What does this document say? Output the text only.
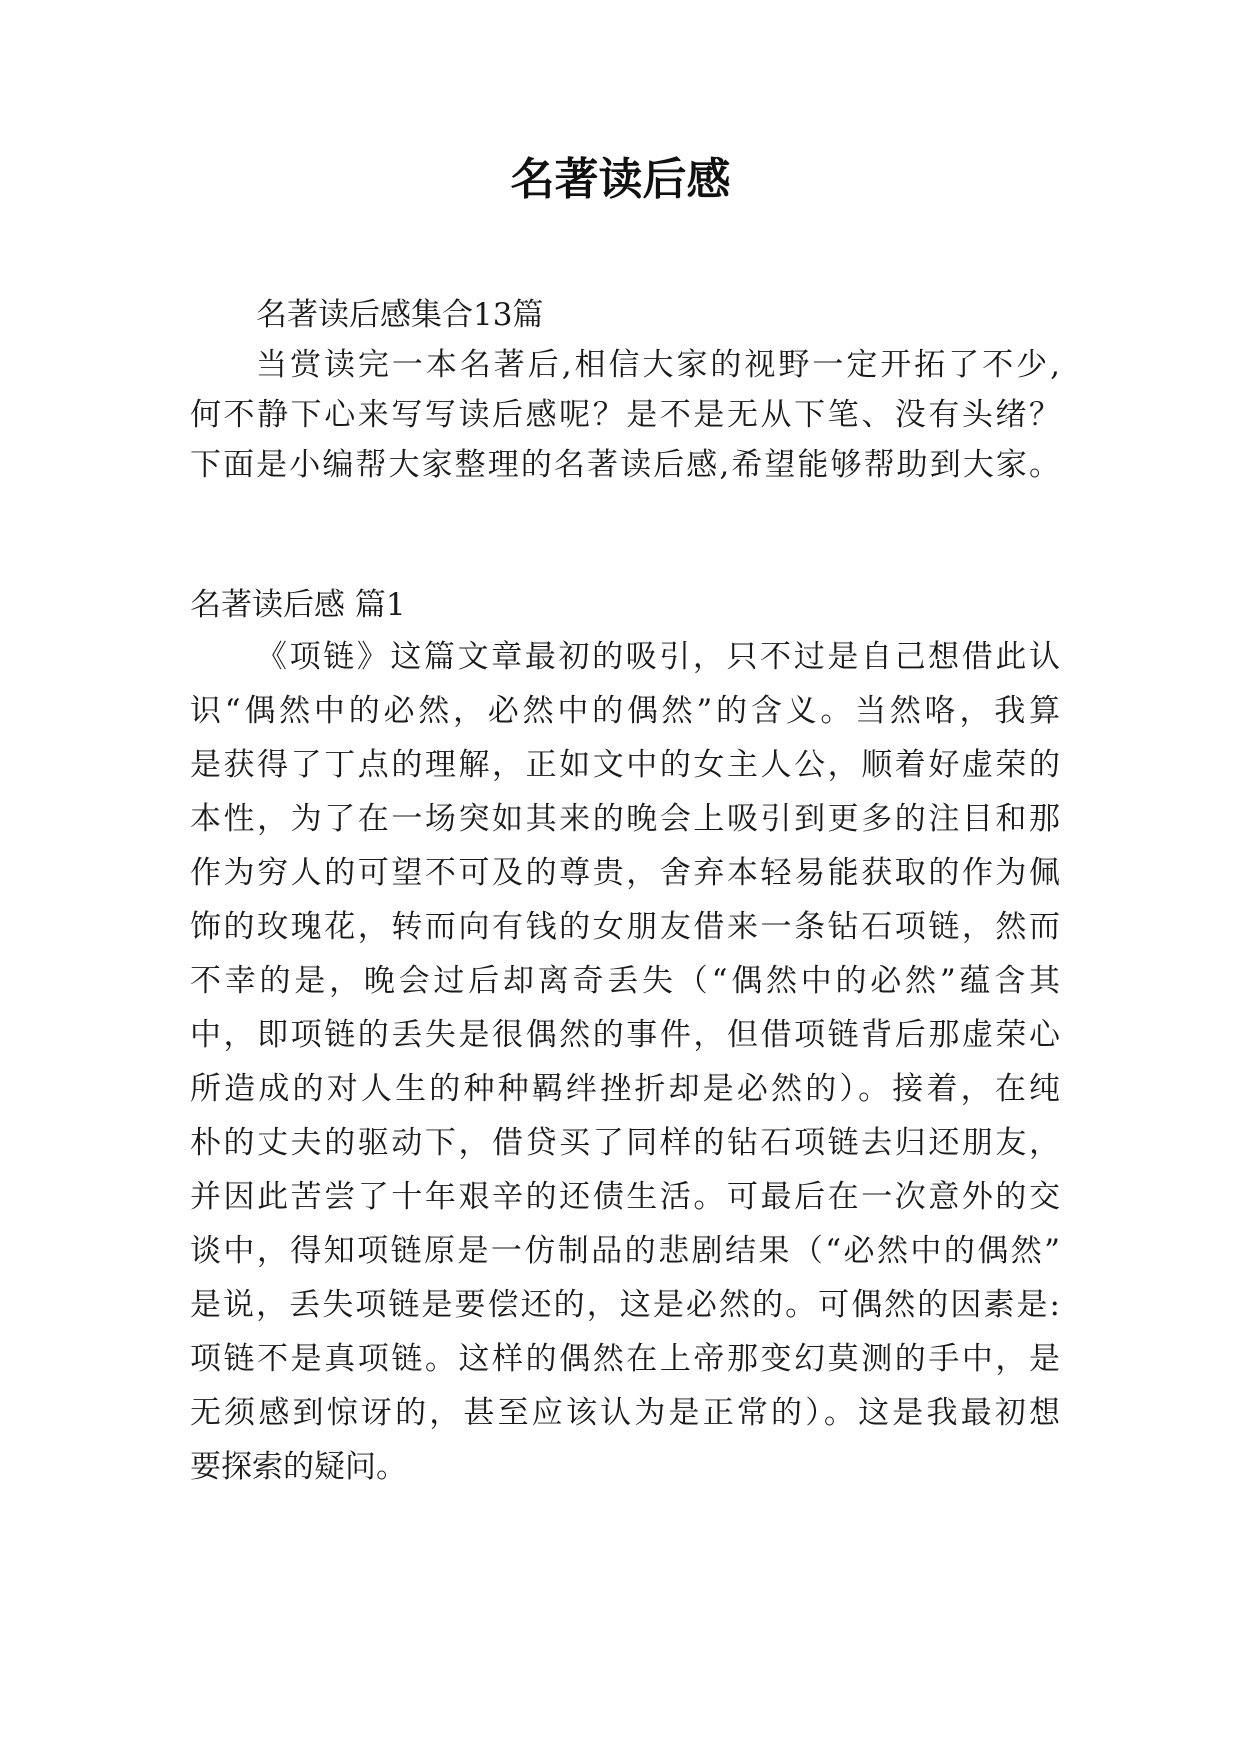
名著读后感
名著读后感集合13篇
当赏读完一本名著后,相信大家的视野一定开拓了不少,
何不静下心来写写读后感呢？是不是无从下笔、没有头绪？
下面是小编帮大家整理的名著读后感,希望能够帮助到大家。
名著读后感 篇1
《项链》这篇文章最初的吸引，只不过是自己想借此认
识“偶然中的必然，必然中的偶然”的含义。当然咯，我算
是获得了丁点的理解，正如文中的女主人公，顺着好虚荣的
本性，为了在一场突如其来的晚会上吸引到更多的注目和那
作为穷人的可望不可及的尊贵，舍弃本轻易能获取的作为佩
饰的玫瑰花，转而向有钱的女朋友借来一条钻石项链，然而
不幸的是，晚会过后却离奇丢失（“偶然中的必然”蕴含其
中，即项链的丢失是很偶然的事件，但借项链背后那虚荣心
所造成的对人生的种种羁绊挫折却是必然的）。接着，在纯
朴的丈夫的驱动下，借贷买了同样的钻石项链去归还朋友，
并因此苦尝了十年艰辛的还债生活。可最后在一次意外的交
谈中，得知项链原是一仿制品的悲剧结果（“必然中的偶然”
是说，丢失项链是要偿还的，这是必然的。可偶然的因素是:
项链不是真项链。这样的偶然在上帝那变幻莫测的手中，是
无须感到惊讶的，甚至应该认为是正常的）。这是我最初想
要探索的疑问。
